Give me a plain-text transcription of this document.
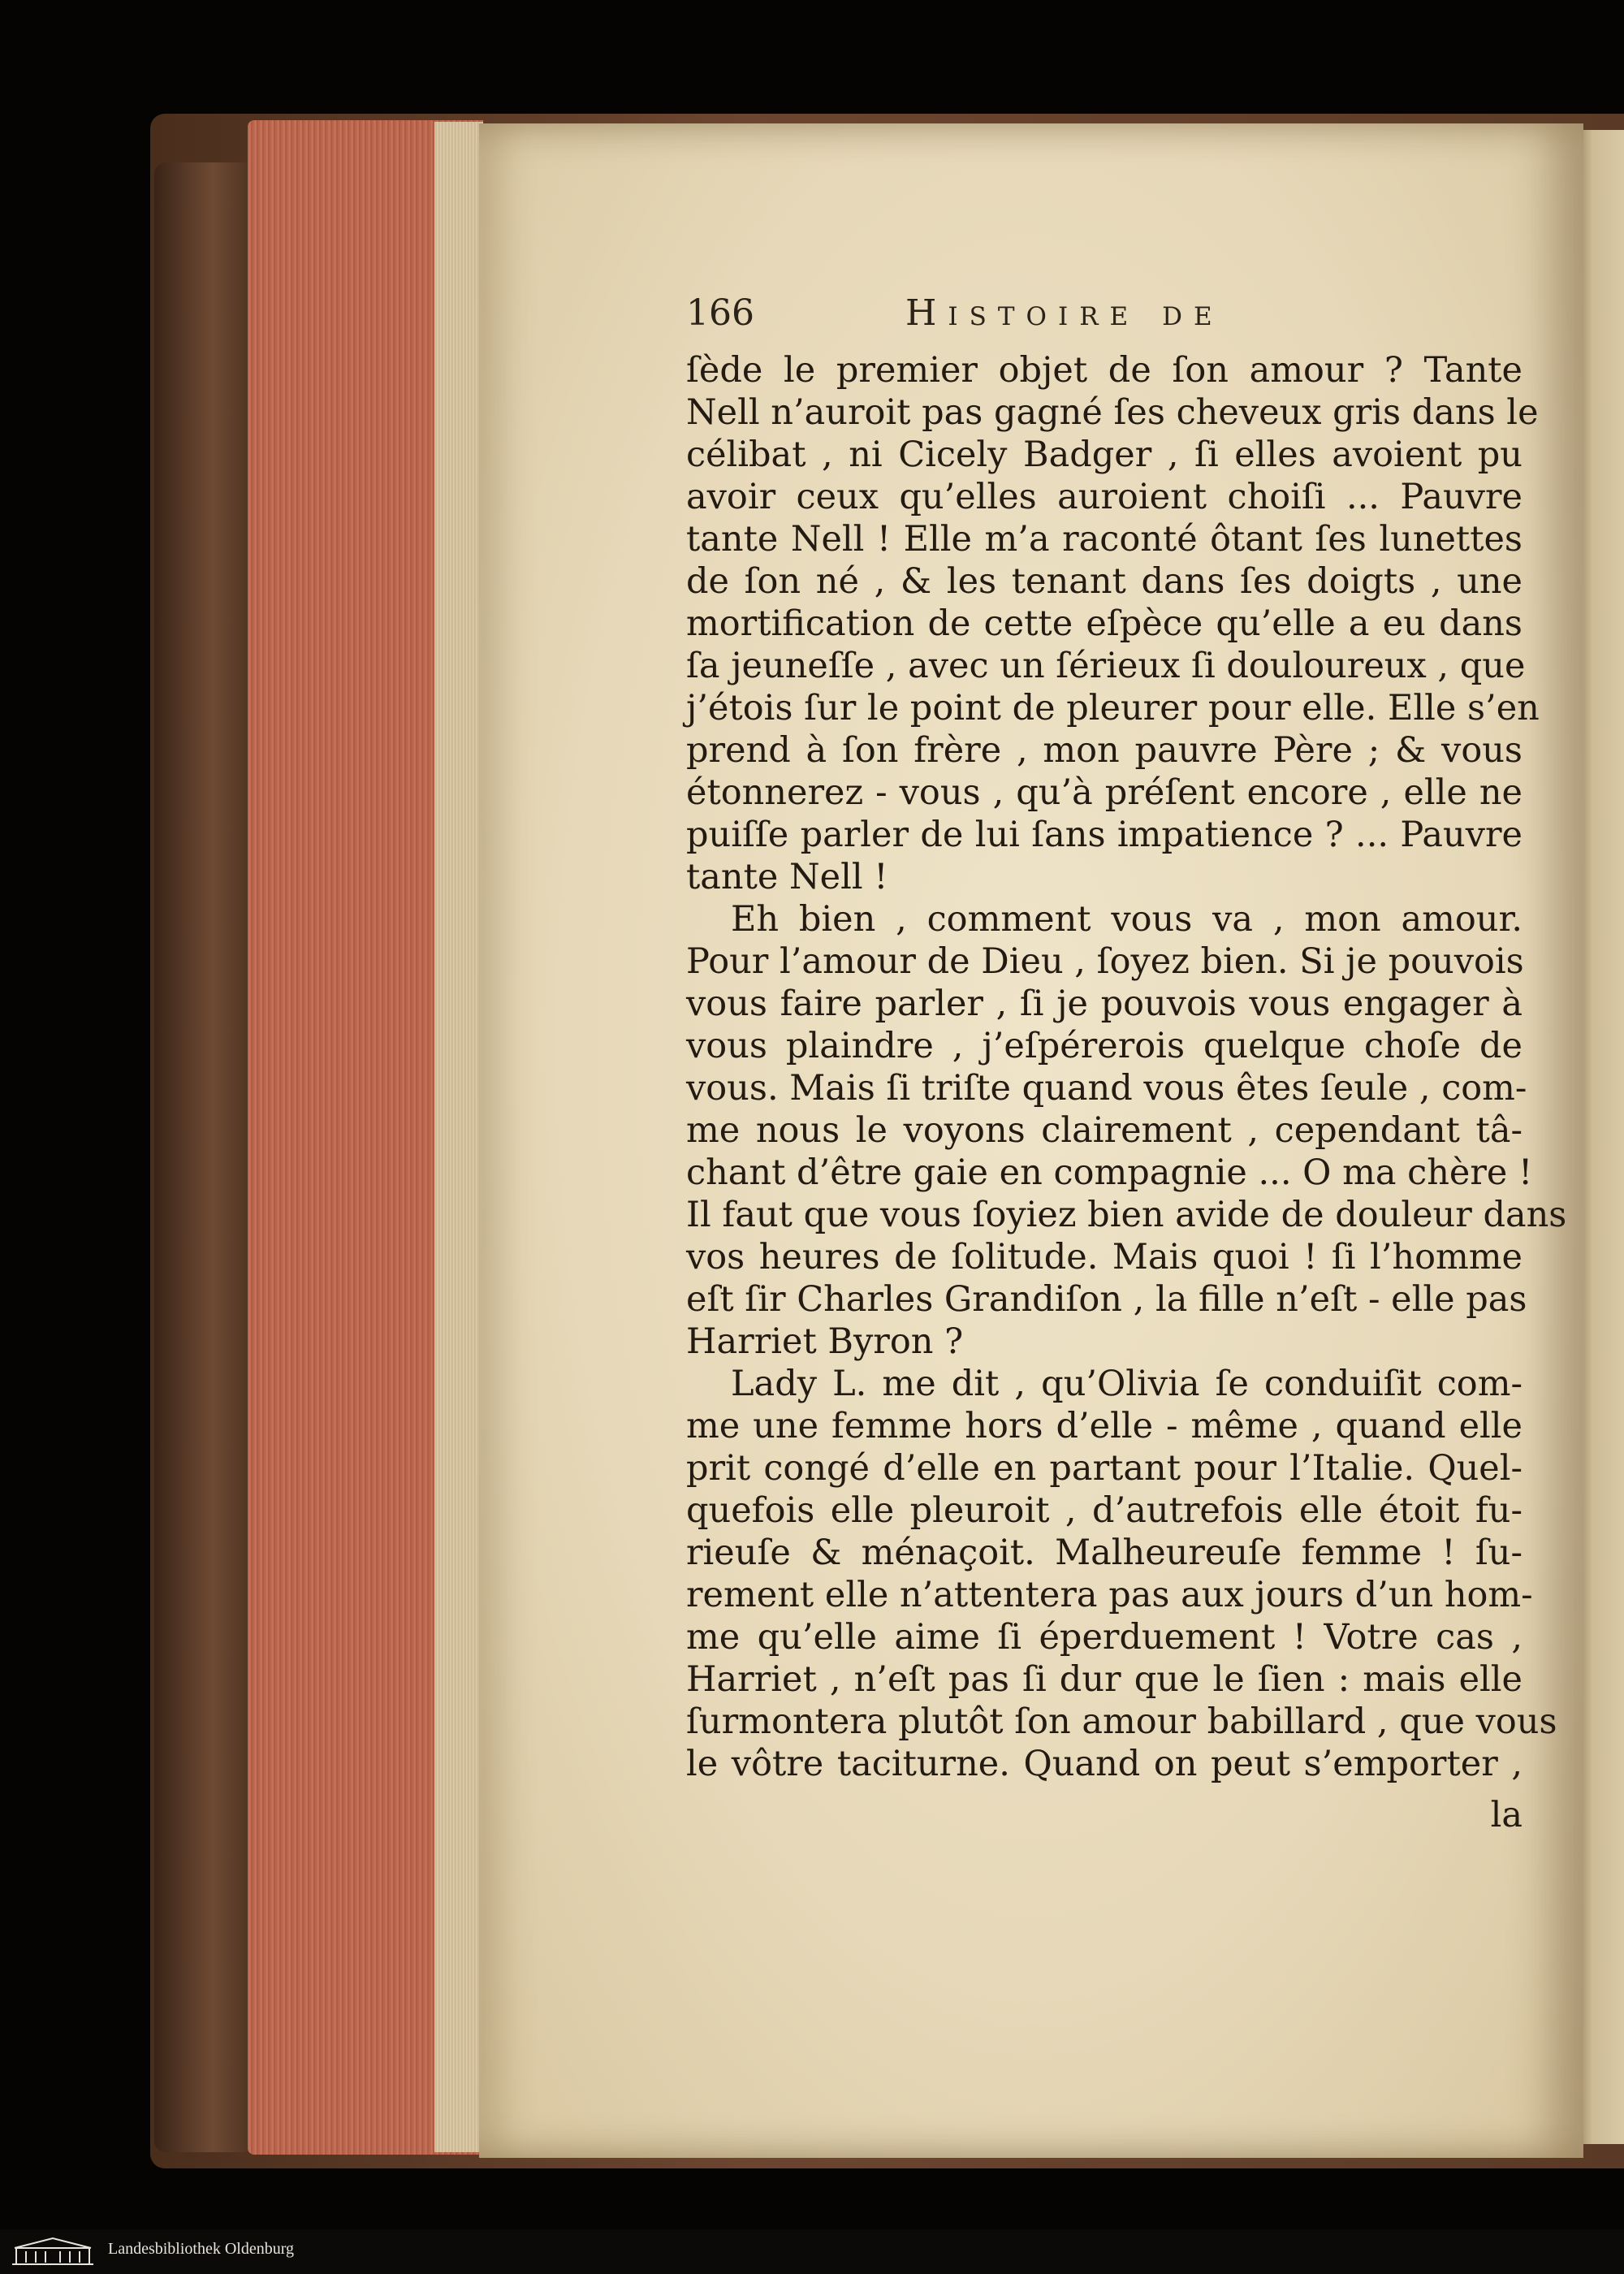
166	Histoire de
ſède le premier objet de ſon amour ? Tante
Nell n’auroit pas gagné ſes cheveux gris dans le
célibat , ni Cicely Badger , ſi elles avoient pu
avoir ceux qu’elles auroient choiſi ... Pauvre
tante Nell ! Elle m’a raconté ôtant ſes lunettes
de ſon né , & les tenant dans ſes doigts , une
mortification de cette eſpèce qu’elle a eu dans
ſa jeuneſſe , avec un ſérieux ſi douloureux , que
j’étois ſur le point de pleurer pour elle. Elle s’en
prend à ſon frère , mon pauvre Père ; & vous
étonnerez - vous , qu’à préſent encore , elle ne
puiſſe parler de lui ſans impatience ? ... Pauvre
tante Nell !
Eh bien , comment vous va , mon amour.
Pour l’amour de Dieu , ſoyez bien. Si je pouvois
vous faire parler , ſi je pouvois vous engager à
vous plaindre , j’eſpérerois quelque choſe de
vous. Mais ſi triſte quand vous êtes ſeule , com-
me nous le voyons clairement , cependant tâ-
chant d’être gaie en compagnie ... O ma chère !
Il faut que vous ſoyiez bien avide de douleur dans
vos heures de ſolitude. Mais quoi ! ſi l’homme
eſt ſir Charles Grandiſon , la fille n’eſt - elle pas
Harriet Byron ?
Lady L. me dit , qu’Olivia ſe conduiſit com-
me une femme hors d’elle - même , quand elle
prit congé d’elle en partant pour l’Italie. Quel-
quefois elle pleuroit , d’autrefois elle étoit fu-
rieuſe & ménaçoit. Malheureuſe femme ! ſu-
rement elle n’attentera pas aux jours d’un hom-
me qu’elle aime ſi éperduement ! Votre cas ,
Harriet , n’eſt pas ſi dur que le ſien : mais elle
ſurmontera plutôt ſon amour babillard , que vous
le vôtre taciturne. Quand on peut s’emporter ,
la
Landesbibliothek Oldenburg
